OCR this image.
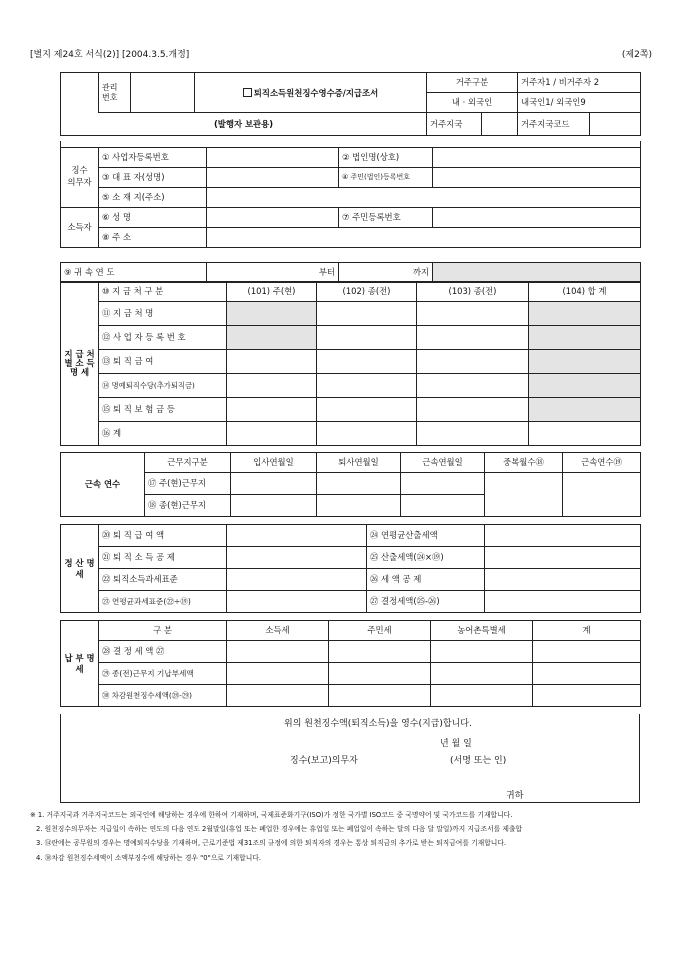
[별지 제24호 서식(2)] [2004.3.5.개정]	(제2쪽)
	관리
번호		퇴직소득원천징수영수증/지급조서	거주구분		거주자1 / 비거주자 2	
				내 · 외국인		내국인1/ 외국인9	
(발행자 보관용)				거주지국		거주지국코드	

징수
의무자	① 사업자등록번호		② 법인명(상호)	
	③ 대 표 자(성명)		④ 주민(법인)등록번호	
	⑤ 소 재 지(주소)			
소득자	⑥ 성 명		⑦ 주민등록번호	
	⑧ 주 소			
⑨ 귀 속 연 도	부터	까지	
지 급 처 별 소 득 명 세	⑩ 지 금 처 구 분	(101) 주(현)	(102) 종(전)	(103) 종(전)	(104) 합 계
	⑪ 지 금 처 명				
	⑫ 사 업 자 등 록 번 호				
	⑬ 퇴 직 금 여				
	⑭ 명예퇴직수당(추가퇴직금)				
	⑮ 퇴 직 보 험 금 등				
	⑯ 계				
근속 연수	근무지구분	입사연월일	퇴사연월일	근속연월일	중복월수⑱	근속연수⑲
	⑰ 주(현)근무지					
	⑱ 종(현)근무지					
정 산 명 세	⑳ 퇴 직 급 여 액		㉔ 연평균산출세액	
	㉑ 퇴 직 소 득 공 제		㉕ 산출세액(㉔×⑲)	
	㉒ 퇴직소득과세표준		㉖ 세 액 공 제	
	㉓ 연평균과세표준(㉒÷⑲)		㉗ 결정세액(㉕-㉖)	
납 부 명 세	구 분	소득세	주민세	농어촌특별세	계
	㉘ 결 정 세 액 ㉗				
	㉙ 종(전)근무지 기납부세액				
	㉚ 차감원천징수세액(㉘-㉙)				
위의 원천징수액(퇴직소득)을 영수(지급)합니다.
년 월 일
징수(보고)의무자	(서명 또는 인)
귀하
※ 1. 거주지국과 거주지국코드는 외국인에 해당하는 경우에 한하여 기재하며, 국제표준화기구(ISO)가 정한 국가별 ISO코드 중 국명약어 및 국가코드를 기재합니다.
2. 원천징수의무자는 지급일이 속하는 연도의 다음 연도 2월말일(휴업 또는 폐업한 경우에는 휴업일 또는 폐업일이 속하는 달의 다음 달 말일)까지 지급조서를 제출합
3. ⑭란에는 공무원의 경우는 명예퇴직수당을 기재하며, 근로기준법 제31조의 규정에 의한 퇴직자의 경우는 통상 퇴직금의 추가로 받는 퇴직금여를 기재합니다.
4. ㉚차감 원천징수세액이 소액부징수에 해당하는 경우 "0"으로 기재합니다.
